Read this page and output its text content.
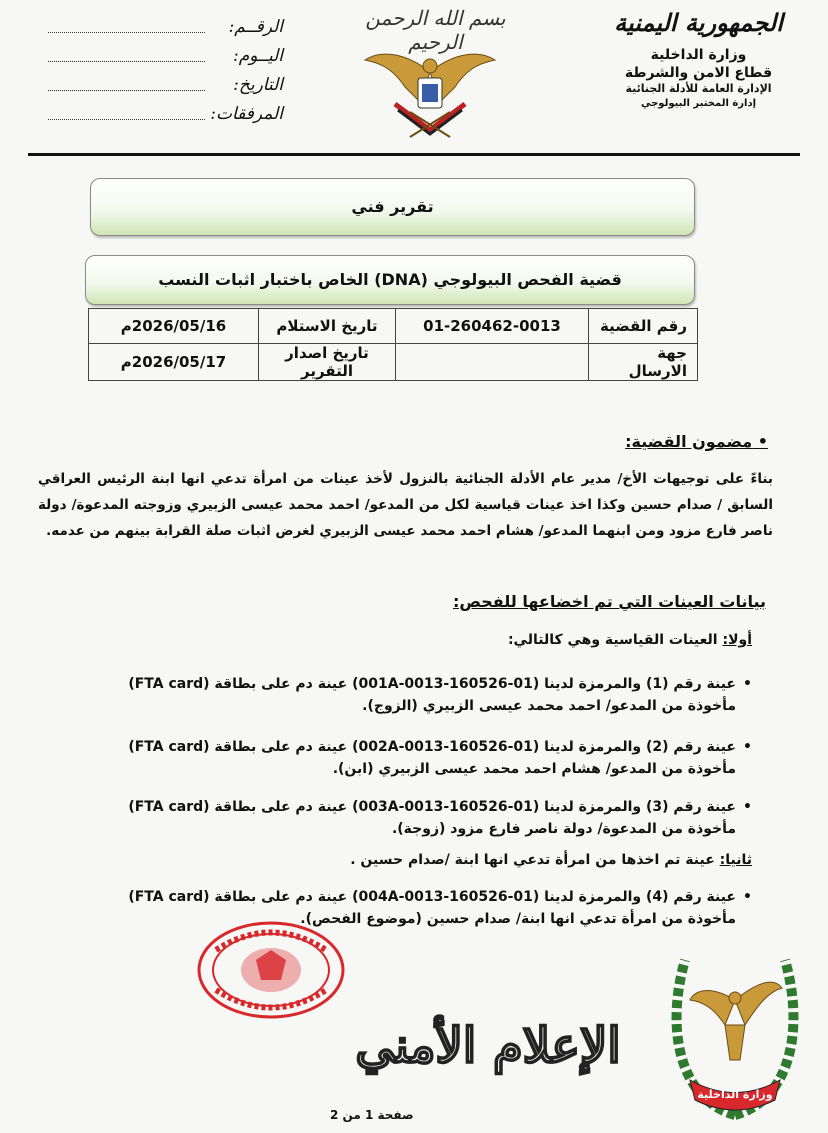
الجمهورية اليمنية
وزارة الداخلية
قطاع الامن والشرطة
الإدارة العامة للأدلة الجنائية
إدارة المختبر البيولوجي
بسم الله الرحمن الرحيم
الرقــم:
اليــوم:
التاريخ:
المرفقات:
تقرير فني
قضية الفحص البيولوجي (DNA) الخاص باختبار اثبات النسب
رقم القضية	01-260462-0013	تاريخ الاستلام	2026/05/16م
جهة الارسال		تاريخ اصدار التقرير	2026/05/17م
• مضمون القضية:
بناءً على توجيهات الأخ/ مدير عام الأدلة الجنائية بالنزول لأخذ عينات من امرأة تدعي انها ابنة الرئيس العراقي السابق / صدام حسين وكذا اخذ عينات قياسية لكل من المدعو/ احمد محمد عيسى الزبيري وزوجته المدعوة/ دولة ناصر فارع مزود ومن ابنهما المدعو/ هشام احمد محمد عيسى الزبيري لغرض اثبات صلة القرابة بينهم من عدمه.
بيانات العينات التي تم اخضاعها للفحص:
أولا: العينات القياسية وهي كالتالي:
• عينة رقم (1) والمرمزة لدينا (01-160526-0013-001A) عينة دم على بطاقة (FTA card) مأخوذة من المدعو/ احمد محمد عيسى الزبيري (الزوج).
• عينة رقم (2) والمرمزة لدينا (01-160526-0013-002A) عينة دم على بطاقة (FTA card) مأخوذة من المدعو/ هشام احمد محمد عيسى الزبيري (ابن).
• عينة رقم (3) والمرمزة لدينا (01-160526-0013-003A) عينة دم على بطاقة (FTA card) مأخوذة من المدعوة/ دولة ناصر فارع مزود (زوجة).
ثانيا: عينة تم اخذها من امرأة تدعي انها ابنة /صدام حسين .
• عينة رقم (4) والمرمزة لدينا (01-160526-0013-004A) عينة دم على بطاقة (FTA card) مأخوذة من امرأة تدعي انها ابنة/ صدام حسين (موضوع الفحص).
الإعلام الأمني
وزارة الداخلية
صفحة 1 من 2
